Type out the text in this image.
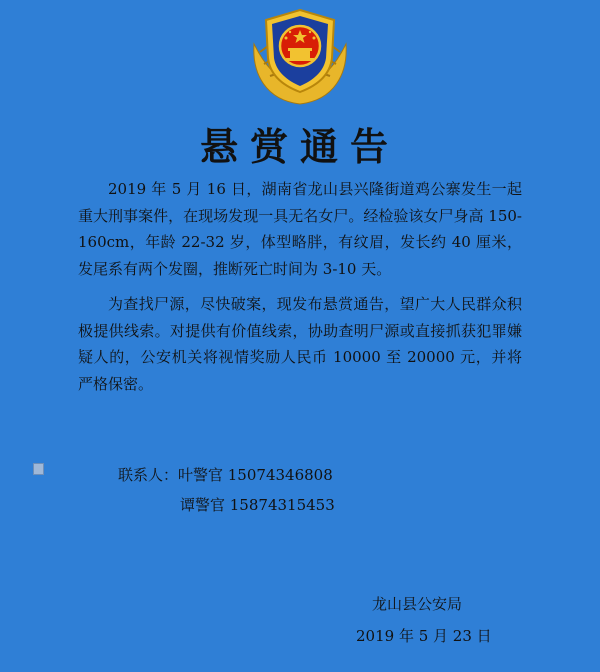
悬赏通告

2019 年 5 月 16 日，湖南省龙山县兴隆街道鸡公寨发生一起重大刑事案件，在现场发现一具无名女尸。经检验该女尸身高 150-160cm，年龄 22-32 岁，体型略胖，有纹眉，发长约 40 厘米，发尾系有两个发圈，推断死亡时间为 3-10 天。

为查找尸源，尽快破案，现发布悬赏通告，望广大人民群众积极提供线索。对提供有价值线索，协助查明尸源或直接抓获犯罪嫌疑人的，公安机关将视情奖励人民币 10000 至 20000 元，并将严格保密。

联系人：叶警官 15074346808
谭警官 15874315453
龙山县公安局
2019 年 5 月 23 日
